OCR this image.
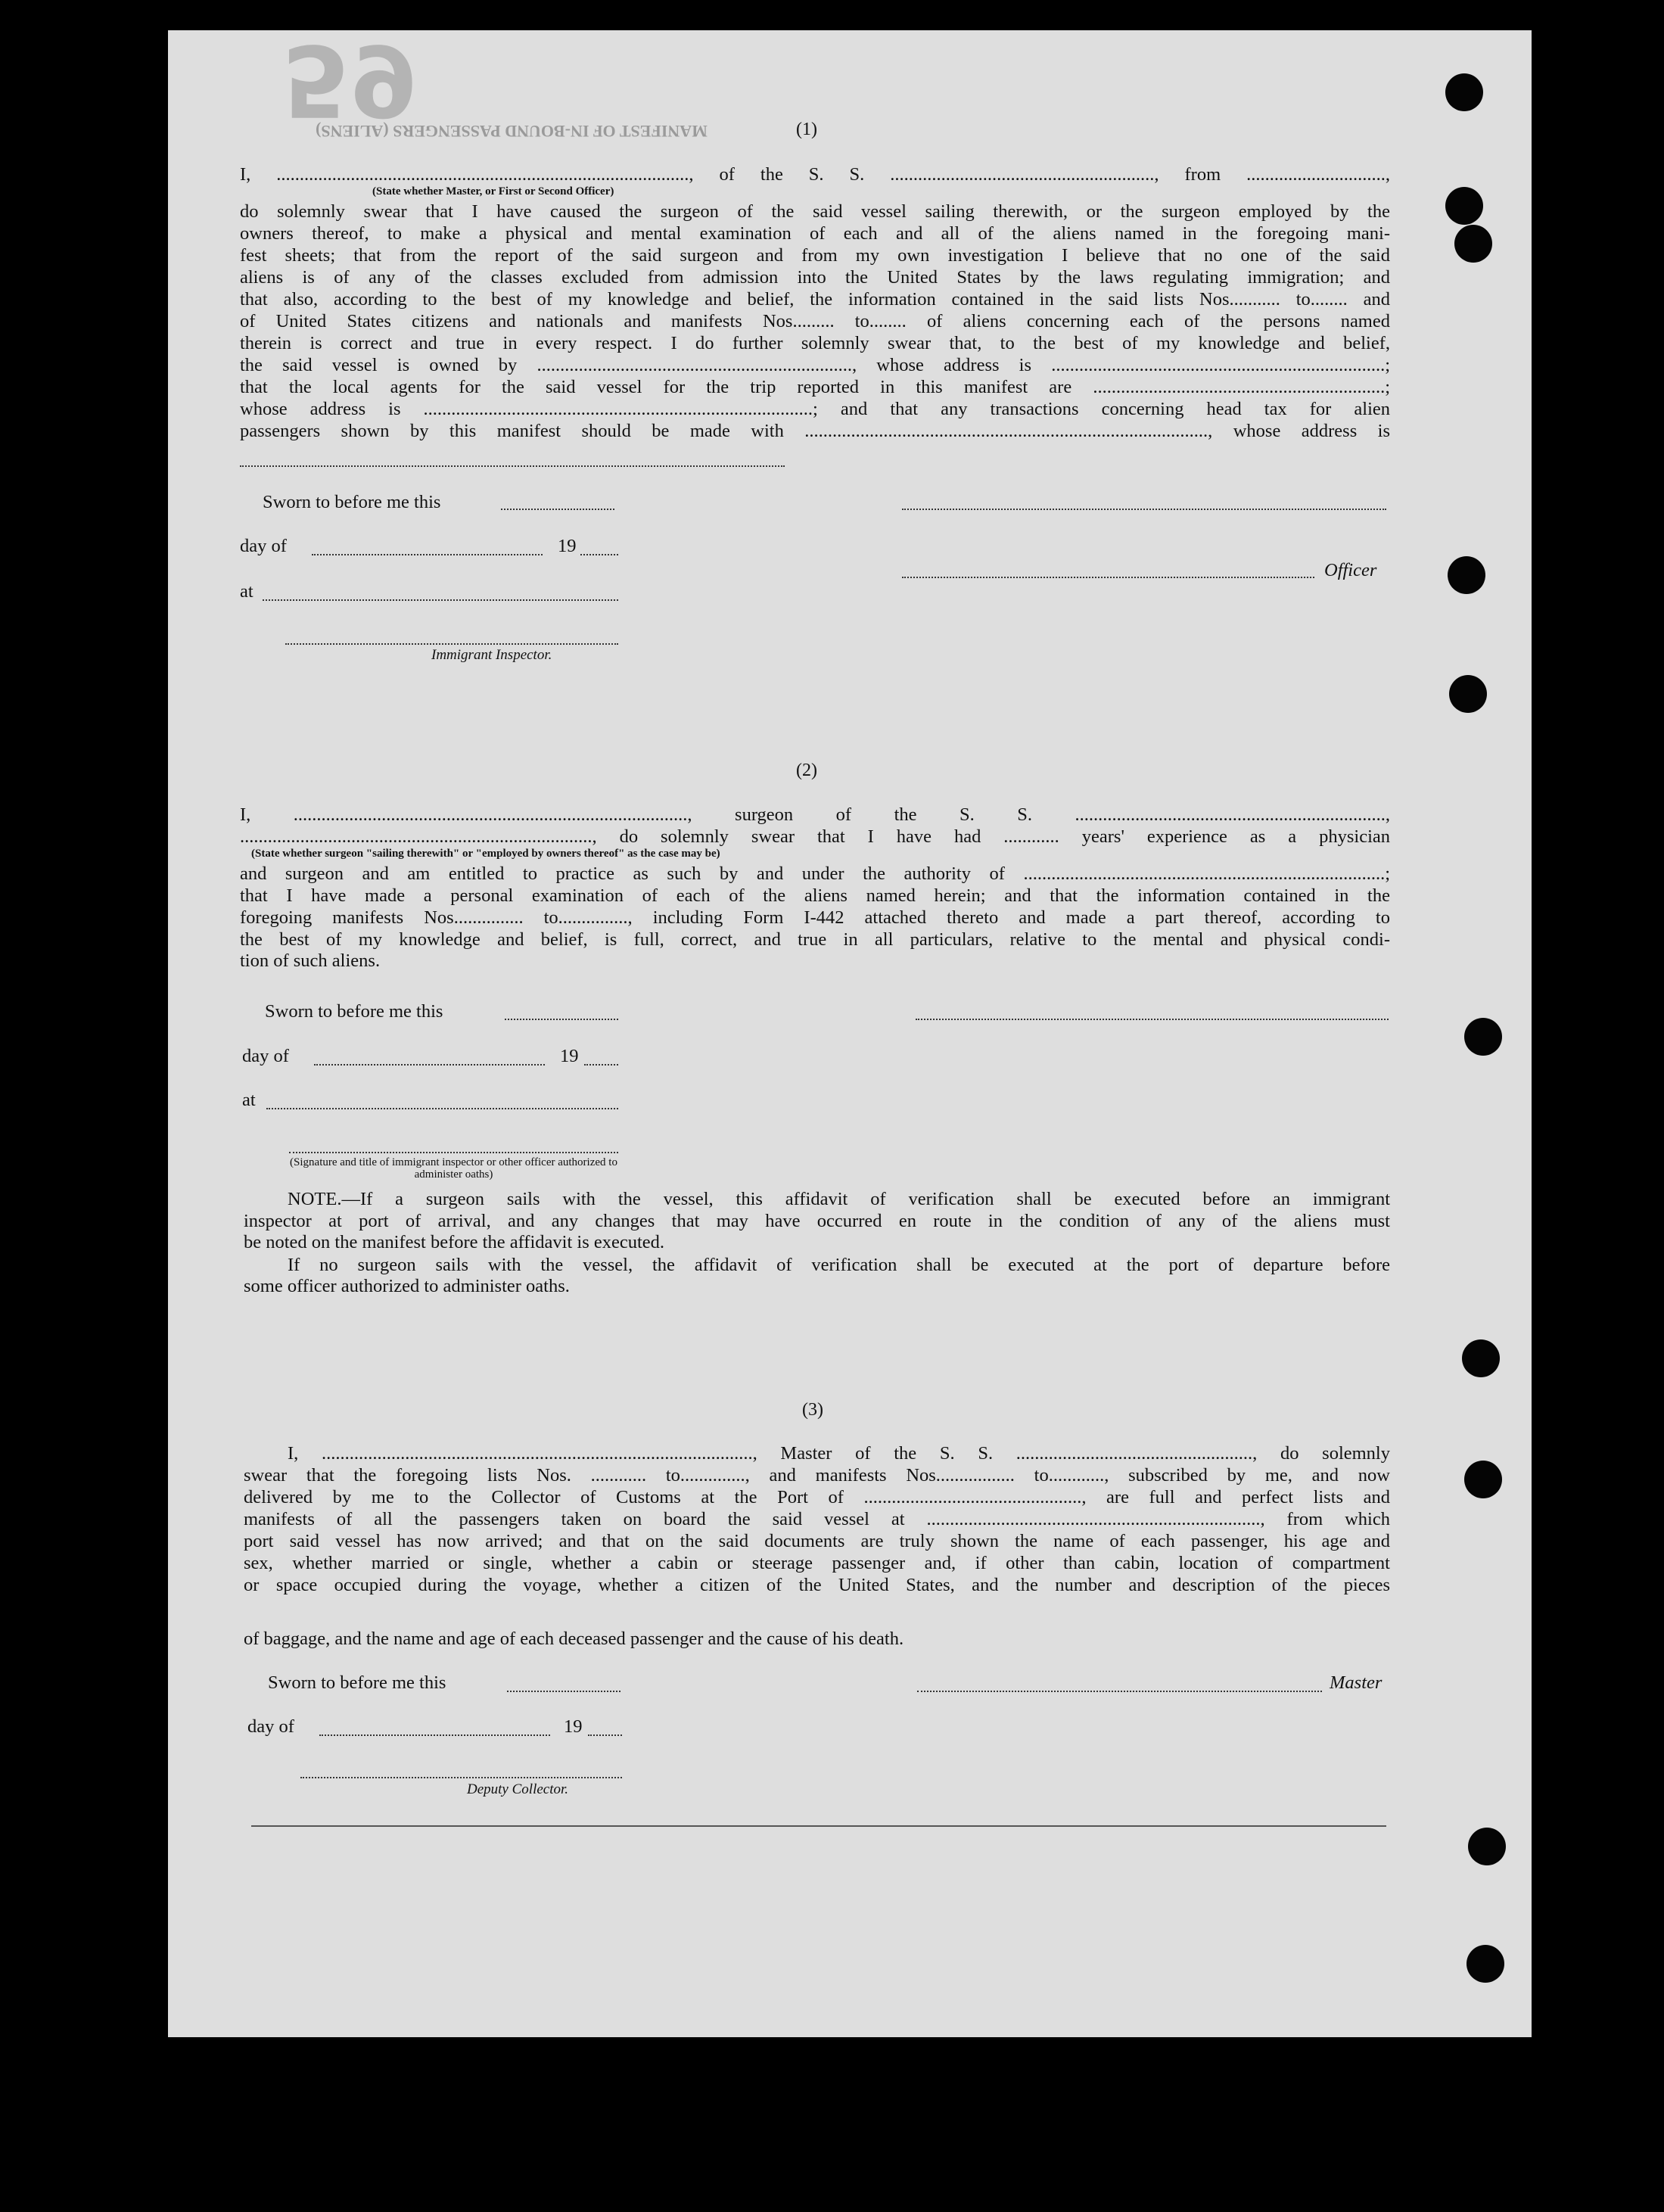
59
MANIFEST OF IN-BOUND PASSENGERS (ALIENS)	(1)
I, ........................................................................................., of the S. S. ........................................................., from ..............................,
(State whether Master, or First or Second Officer)
do solemnly swear that I have caused the surgeon of the said vessel sailing therewith, or the surgeon employed by the
owners thereof, to make a physical and mental examination of each and all of the aliens named in the foregoing mani-
fest sheets; that from the report of the said surgeon and from my own investigation I believe that no one of the said
aliens is of any of the classes excluded from admission into the United States by the laws regulating immigration; and
that also, according to the best of my knowledge and belief, the information contained in the said lists Nos........... to........ and
of United States citizens and nationals and manifests Nos......... to........ of aliens concerning each of the persons named
therein is correct and true in every respect. I do further solemnly swear that, to the best of my knowledge and belief,
the said vessel is owned by ...................................................................., whose address is ........................................................................;
that the local agents for the said vessel for the trip reported in this manifest are ...............................................................;
whose address is ....................................................................................; and that any transactions concerning head tax for alien
passengers shown by this manifest should be made with ......................................................................................., whose address is
Sworn to before me this
day of	19
Officer
at
Immigrant Inspector.
(2)
I, ....................................................................................., surgeon of the S. S. ...................................................................,
............................................................................, do solemnly swear that I have had ............ years' experience as a physician
(State whether surgeon "sailing therewith" or "employed by owners thereof" as the case may be)
and surgeon and am entitled to practice as such by and under the authority of ..............................................................................;
that I have made a personal examination of each of the aliens named herein; and that the information contained in the
foregoing manifests Nos............... to..............., including Form I-442 attached thereto and made a part thereof, according to
the best of my knowledge and belief, is full, correct, and true in all particulars, relative to the mental and physical condi-
tion of such aliens.
Sworn to before me this
day of	19
at
(Signature and title of immigrant inspector or other officer authorized to administer oaths)
NOTE.—If a surgeon sails with the vessel, this affidavit of verification shall be executed before an immigrant
inspector at port of arrival, and any changes that may have occurred en route in the condition of any of the aliens must
be noted on the manifest before the affidavit is executed.
If no surgeon sails with the vessel, the affidavit of verification shall be executed at the port of departure before
some officer authorized to administer oaths.
(3)
I, ............................................................................................., Master of the S. S. ..................................................., do solemnly
swear that the foregoing lists Nos. ............ to.............., and manifests Nos................. to............, subscribed by me, and now
delivered by me to the Collector of Customs at the Port of ..............................................., are full and perfect lists and
manifests of all the passengers taken on board the said vessel at ........................................................................, from which
port said vessel has now arrived; and that on the said documents are truly shown the name of each passenger, his age and
sex, whether married or single, whether a cabin or steerage passenger and, if other than cabin, location of compartment
or space occupied during the voyage, whether a citizen of the United States, and the number and description of the pieces
of baggage, and the name and age of each deceased passenger and the cause of his death.
Sworn to before me this	Master
day of	19
Deputy Collector.
